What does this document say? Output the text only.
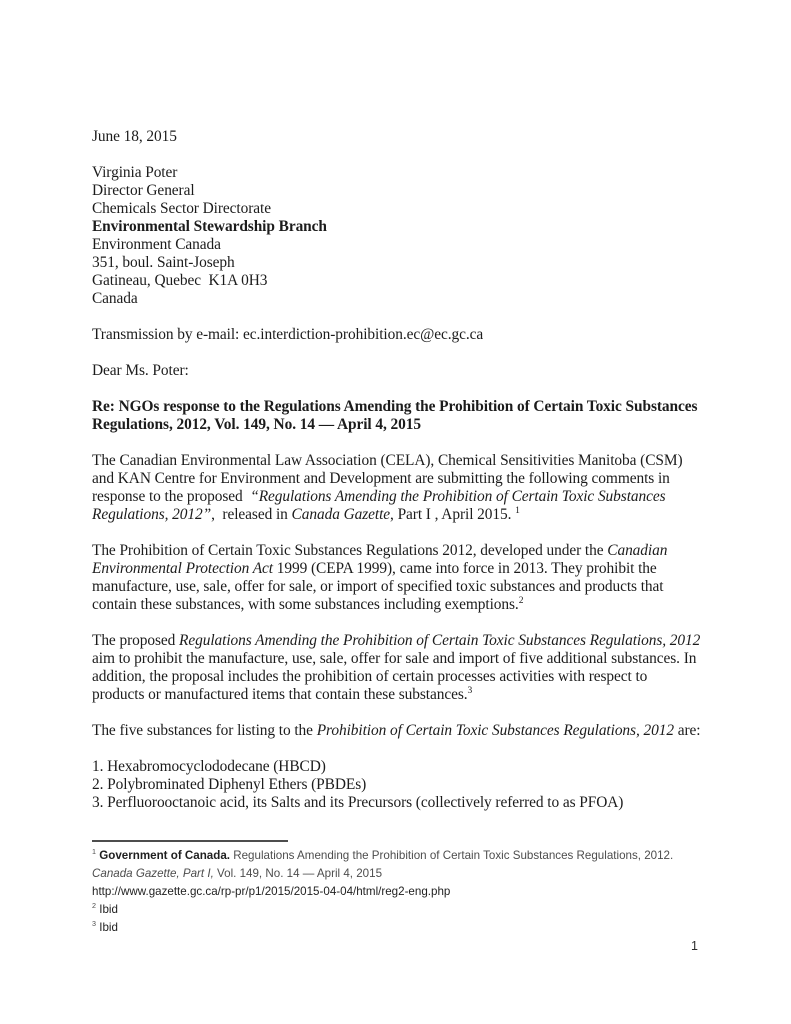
June 18, 2015

Virginia Poter

Director General

Chemicals Sector Directorate

Environmental Stewardship Branch

Environment Canada

351, boul. Saint-Joseph

Gatineau, Quebec  K1A 0H3

Canada

Transmission by e-mail: ec.interdiction-prohibition.ec@ec.gc.ca

Dear Ms. Poter:

Re: NGOs response to the Regulations Amending the Prohibition of Certain Toxic Substances Regulations, 2012, Vol. 149, No. 14 — April 4, 2015

The Canadian Environmental Law Association (CELA), Chemical Sensitivities Manitoba (CSM) and KAN Centre for Environment and Development are submitting the following comments in response to the proposed  “Regulations Amending the Prohibition of Certain Toxic Substances Regulations, 2012”,  released in Canada Gazette, Part I , April 2015. $^1$

The Prohibition of Certain Toxic Substances Regulations 2012, developed under the Canadian Environmental Protection Act 1999 (CEPA 1999), came into force in 2013. They prohibit the manufacture, use, sale, offer for sale, or import of specified toxic substances and products that contain these substances, with some substances including exemptions.$^2$

The proposed Regulations Amending the Prohibition of Certain Toxic Substances Regulations, 2012 aim to prohibit the manufacture, use, sale, offer for sale and import of five additional substances. In addition, the proposal includes the prohibition of certain processes activities with respect to products or manufactured items that contain these substances.$^3$

The five substances for listing to the Prohibition of Certain Toxic Substances Regulations, 2012 are:

1. Hexabromocyclododecane (HBCD)

2. Polybrominated Diphenyl Ethers (PBDEs)

3. Perfluorooctanoic acid, its Salts and its Precursors (collectively referred to as PFOA)

$^1$ Government of Canada. Regulations Amending the Prohibition of Certain Toxic Substances Regulations, 2012.
Canada Gazette, Part I, Vol. 149, No. 14 — April 4, 2015
http://www.gazette.gc.ca/rp-pr/p1/2015/2015-04-04/html/reg2-eng.php

$^2$ Ibid

$^3$ Ibid

1
